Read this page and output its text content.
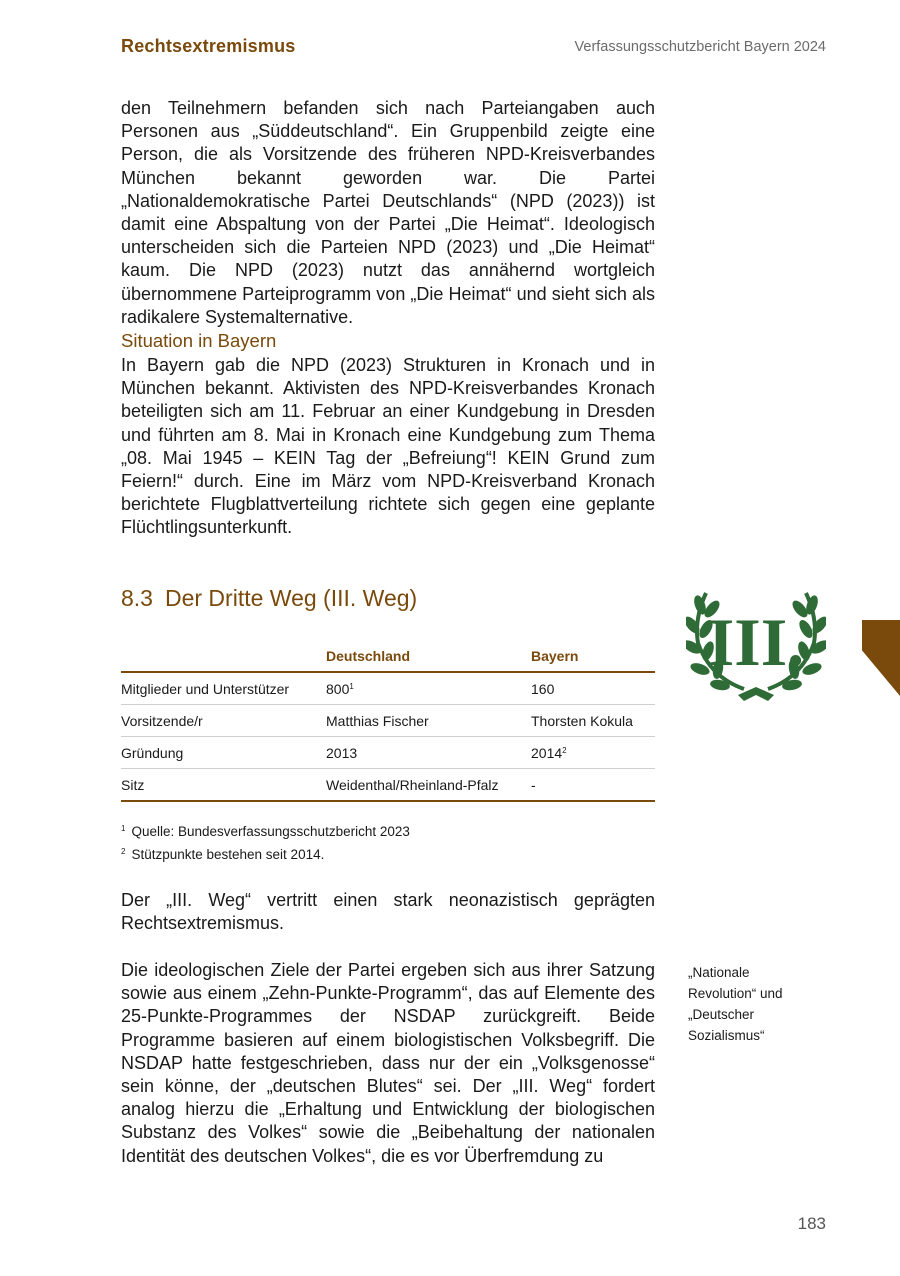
Rechtsextremismus	Verfassungsschutzbericht Bayern 2024

den Teilnehmern befanden sich nach Parteiangaben auch Personen aus „Süddeutschland“. Ein Gruppenbild zeigte eine Person, die als Vorsitzende des früheren NPD-Kreisverbandes München bekannt geworden war. Die Partei „Nationaldemokratische Partei Deutschlands“ (NPD (2023)) ist damit eine Abspaltung von der Partei „Die Heimat“. Ideologisch unterscheiden sich die Parteien NPD (2023) und „Die Heimat“ kaum. Die NPD (2023) nutzt das annähernd wortgleich übernommene Parteiprogramm von „Die Heimat“ und sieht sich als radikalere Systemalternative.

Situation in Bayern

In Bayern gab die NPD (2023) Strukturen in Kronach und in München bekannt. Aktivisten des NPD-Kreisverbandes Kronach beteiligten sich am 11. Februar an einer Kundgebung in Dresden und führten am 8. Mai in Kronach eine Kundgebung zum Thema „08. Mai 1945 – KEIN Tag der „Befreiung“! KEIN Grund zum Feiern!“ durch. Eine im März vom NPD-Kreisverband Kronach berichtete Flugblattverteilung richtete sich gegen eine geplante Flüchtlingsunterkunft.

8.3 Der Dritte Weg (III. Weg)
III.
	Deutschland	Bayern
Mitglieder und Unterstützer	$800^1$	160
Vorsitzende/r	Matthias Fischer	Thorsten Kokula
Gründung	2013	2014$^2$
Sitz	Weidenthal/Rheinland-Pfalz	-
$^1$ Quelle: Bundesverfassungsschutzbericht 2023
$^2$ Stützpunkte bestehen seit 2014.

Der „III. Weg“ vertritt einen stark neonazistisch geprägten Rechtsextremismus.

Die ideologischen Ziele der Partei ergeben sich aus ihrer Satzung sowie aus einem „Zehn-Punkte-Programm“, das auf Elemente des 25-Punkte-Programmes der NSDAP zurückgreift. Beide Programme basieren auf einem biologistischen Volksbegriff. Die NSDAP hatte festgeschrieben, dass nur der ein „Volksgenosse“ sein könne, der „deutschen Blutes“ sei. Der „III. Weg“ fordert analog hierzu die „Erhaltung und Entwicklung der biologischen Substanz des Volkes“ sowie die „Beibehaltung der nationalen Identität des deutschen Volkes“, die es vor Überfremdung zu

„Nationale Revolution“ und „Deutscher Sozialismus“
183
